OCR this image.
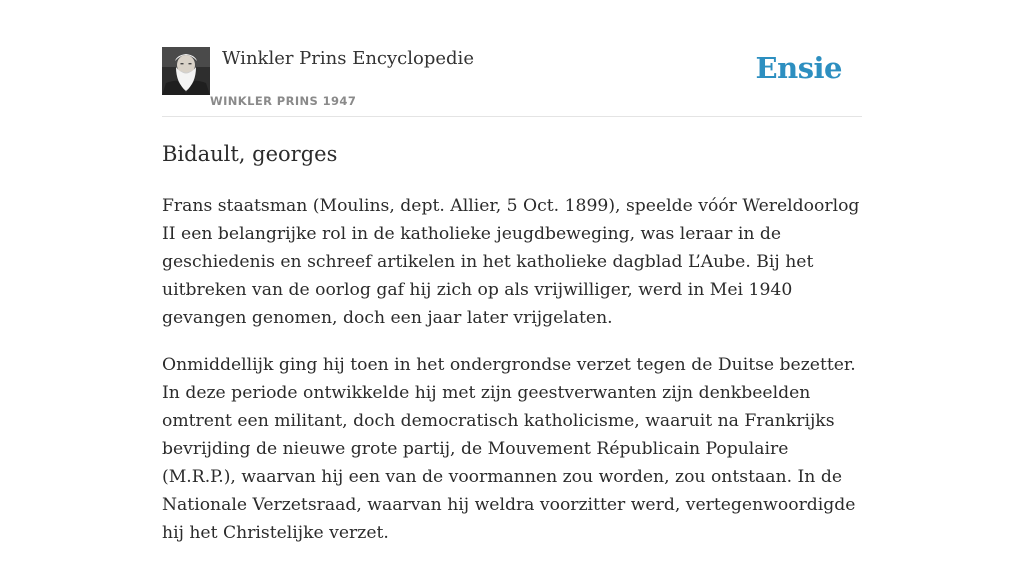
Winkler Prins Encyclopedie
WINKLER PRINS 1947
Ensie
Bidault, georges

Frans staatsman (Moulins, dept. Allier, 5 Oct. 1899), speelde vóór Wereldoorlog II een belangrijke rol in de katholieke jeugdbeweging, was leraar in de geschiedenis en schreef artikelen in het katholieke dagblad L’Aube. Bij het uitbreken van de oorlog gaf hij zich op als vrijwilliger, werd in Mei 1940 gevangen genomen, doch een jaar later vrijgelaten.

Onmiddellijk ging hij toen in het ondergrondse verzet tegen de Duitse bezetter. In deze periode ontwikkelde hij met zijn geestverwanten zijn denkbeelden omtrent een militant, doch democratisch katholicisme, waaruit na Frankrijks bevrijding de nieuwe grote partij, de Mouvement Républicain Populaire (M.R.P.), waarvan hij een van de voormannen zou worden, zou ontstaan. In de Nationale Verzetsraad, waarvan hij weldra voorzitter werd, vertegenwoordigde hij het Christelijke verzet.
